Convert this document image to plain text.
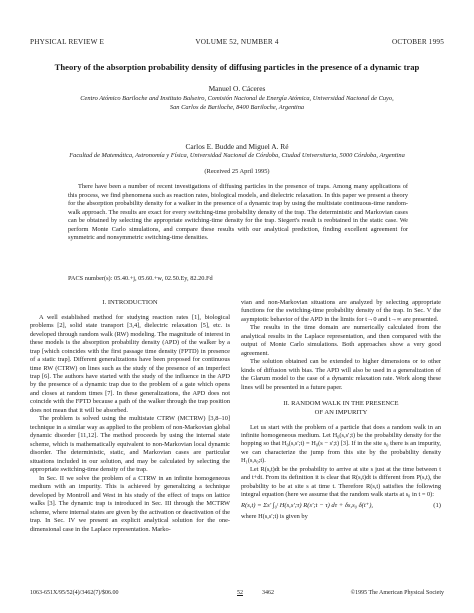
PHYSICAL REVIEW E	VOLUME 52, NUMBER 4	OCTOBER 1995
Theory of the absorption probability density of diffusing particles in the presence of a dynamic trap
Manuel O. Cáceres
Centro Atómico Bariloche and Instituto Balseiro, Comisión Nacional de Energía Atómica, Universidad Nacional de Cuyo,
San Carlos de Bariloche, 8400 Bariloche, Argentina
Carlos E. Budde and Miguel A. Ré
Facultad de Matemática, Astronomía y Física, Universidad Nacional de Córdoba, Ciudad Universitaria, 5000 Córdoba, Argentina
(Received 25 April 1995)

There have been a number of recent investigations of diffusing particles in the presence of traps. Among many applications of this process, we find phenomena such as reaction rates, biological models, and dielectric relaxation. In this paper we present a theory for the absorption probability density for a walker in the presence of a dynamic trap by using the multistate continuous-time random-walk approach. The results are exact for every switching-time probability density of the trap. The deterministic and Markovian cases can be obtained by selecting the appropriate switching-time density for the trap. Siegert's result is reobtained in the static case. We perform Monte Carlo simulations, and compare these results with our analytical prediction, finding excellent agreement for symmetric and nonsymmetric switching-time densities.

PACS number(s): 05.40.+j, 05.60.+w, 02.50.Ey, 82.20.Fd
I. INTRODUCTION

A well established method for studying reaction rates [1], biological problems [2], solid state transport [3,4], dielectric relaxation [5], etc. is developed through random walk (RW) modeling. The magnitude of interest in these models is the absorption probability density (APD) of the walker by a trap [which coincides with the first passage time density (FPTD) in presence of a static trap]. Different generalizations have been proposed for continuous time RW (CTRW) on lines such as the study of the presence of an imperfect trap [6]. The authors have started with the study of the influence in the APD by the presence of a dynamic trap due to the problem of a gate which opens and closes at random times [7]. In these generalizations, the APD does not coincide with the FPTD because a path of the walker through the trap position does not mean that it will be absorbed.

The problem is solved using the multistate CTRW (MCTRW) [3,8–10] technique in a similar way as applied to the problem of non-Markovian global dynamic disorder [11,12]. The method proceeds by using the internal state scheme, which is mathematically equivalent to non-Markovian local dynamic disorder. The deterministic, static, and Markovian cases are particular situations included in our solution, and may be calculated by selecting the appropriate switching-time density of the trap.

In Sec. II we solve the problem of a CTRW in an infinite homogeneous medium with an impurity. This is achieved by generalizing a technique developed by Montroll and West in his study of the effect of traps on lattice walks [3]. The dynamic trap is introduced in Sec. III through the MCTRW scheme, where internal states are given by the activation or deactivation of the trap. In Sec. IV we present an explicit analytical solution for the one-dimensional case in the Laplace representation. Marko-

vian and non-Markovian situations are analyzed by selecting appropriate functions for the switching-time probability density of the trap. In Sec. V the asymptotic behavior of the APD in the limits for t→0 and t→∞ are presented.

The results in the time domain are numerically calculated from the analytical results in the Laplace representation, and then compared with the output of Monte Carlo simulations. Both approaches show a very good agreement.

The solution obtained can be extended to higher dimensions or to other kinds of diffusion with bias. The APD will also be used in a generalization of the Glarum model to the case of a dynamic relaxation rate. Work along these lines will be presented in a future paper.

II. RANDOM WALK IN THE PRESENCE
OF AN IMPURITY

Let us start with the problem of a particle that does a random walk in an infinite homogeneous medium. Let H₀(s,s′;t) be the probability density for the hopping so that H₀(s,s′;t) = H₀(s − s′;t) [3]. If in the site s₀ there is an impurity, we can characterize the jump from this site by the probability density H₁(s,s₀;t).

Let R(s,t)dt be the probability to arrive at site s just at the time between t and t+dt. From its definition it is clear that R(s,t)dt is different from P(s,t), the probability to be at site s at time t. Therefore R(s,t) satisfies the following integral equation (here we assume that the random walk starts at s₀ in t = 0):

R(s,t) = Σs′ ∫₀ᵗ H(s,s′;τ) R(s′;t − τ) dτ + δs,s₀ δ(t⁺),	(1)

where H(s,s′;t) is given by

1063-651X/95/52(4)/3462(7)/$06.00	52	3462	©1995 The American Physical Society
